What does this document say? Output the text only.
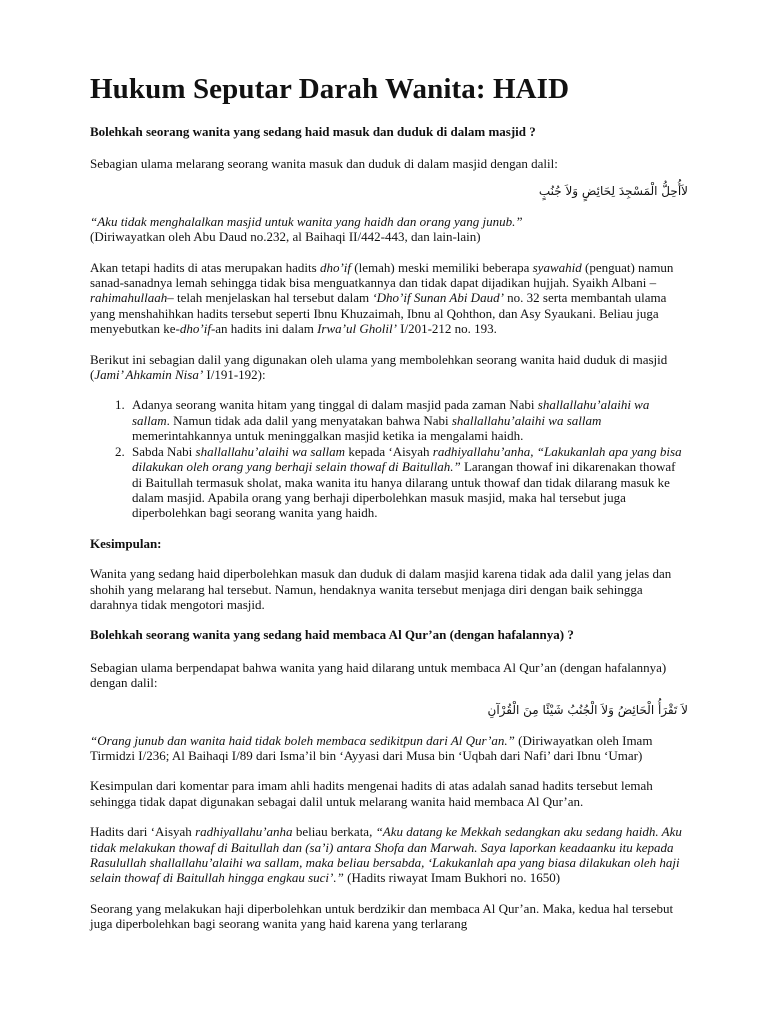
Hukum Seputar Darah Wanita: HAID

Bolehkah seorang wanita yang sedang haid masuk dan duduk di dalam masjid ?

Sebagian ulama melarang seorang wanita masuk dan duduk di dalam masjid dengan dalil:

لاَأُحِلُّ الْمَسْجِدَ لِحَائِضٍ وَلاَ جُنُبٍ

“Aku tidak menghalalkan masjid untuk wanita yang haidh dan orang yang junub.”
(Diriwayatkan oleh Abu Daud no.232, al Baihaqi II/442-443, dan lain-lain)

Akan tetapi hadits di atas merupakan hadits dho’if (lemah) meski memiliki beberapa syawahid (penguat) namun sanad-sanadnya lemah sehingga tidak bisa menguatkannya dan tidak dapat dijadikan hujjah. Syaikh Albani –rahimahullaah– telah menjelaskan hal tersebut dalam ‘Dho’if Sunan Abi Daud’ no. 32 serta membantah ulama yang menshahihkan hadits tersebut seperti Ibnu Khuzaimah, Ibnu al Qohthon, dan Asy Syaukani. Beliau juga menyebutkan ke-dho’if-an hadits ini dalam Irwa’ul Gholil’ I/201-212 no. 193.

Berikut ini sebagian dalil yang digunakan oleh ulama yang membolehkan seorang wanita haid duduk di masjid (Jami’ Ahkamin Nisa’ I/191-192):

1. Adanya seorang wanita hitam yang tinggal di dalam masjid pada zaman Nabi shallallahu’alaihi wa sallam. Namun tidak ada dalil yang menyatakan bahwa Nabi shallallahu’alaihi wa sallam memerintahkannya untuk meninggalkan masjid ketika ia mengalami haidh.
2. Sabda Nabi shallallahu’alaihi wa sallam kepada ‘Aisyah radhiyallahu’anha, “Lakukanlah apa yang bisa dilakukan oleh orang yang berhaji selain thowaf di Baitullah.” Larangan thowaf ini dikarenakan thowaf di Baitullah termasuk sholat, maka wanita itu hanya dilarang untuk thowaf dan tidak dilarang masuk ke dalam masjid. Apabila orang yang berhaji diperbolehkan masuk masjid, maka hal tersebut juga diperbolehkan bagi seorang wanita yang haidh.

Kesimpulan:

Wanita yang sedang haid diperbolehkan masuk dan duduk di dalam masjid karena tidak ada dalil yang jelas dan shohih yang melarang hal tersebut. Namun, hendaknya wanita tersebut menjaga diri dengan baik sehingga darahnya tidak mengotori masjid.

Bolehkah seorang wanita yang sedang haid membaca Al Qur’an (dengan hafalannya) ?

Sebagian ulama berpendapat bahwa wanita yang haid dilarang untuk membaca Al Qur’an (dengan hafalannya) dengan dalil:

لاَ تَقْرَأُ الْحَائِضُ وَلاَ الْجُنُبُ شَيْئًا مِنَ الْقُرْآنِ

“Orang junub dan wanita haid tidak boleh membaca sedikitpun dari Al Qur’an.” (Diriwayatkan oleh Imam Tirmidzi I/236; Al Baihaqi I/89 dari Isma’il bin ‘Ayyasi dari Musa bin ‘Uqbah dari Nafi’ dari Ibnu ‘Umar)

Kesimpulan dari komentar para imam ahli hadits mengenai hadits di atas adalah sanad hadits tersebut lemah sehingga tidak dapat digunakan sebagai dalil untuk melarang wanita haid membaca Al Qur’an.

Hadits dari ‘Aisyah radhiyallahu’anha beliau berkata, “Aku datang ke Mekkah sedangkan aku sedang haidh. Aku tidak melakukan thowaf di Baitullah dan (sa’i) antara Shofa dan Marwah. Saya laporkan keadaanku itu kepada Rasulullah shallallahu’alaihi wa sallam, maka beliau bersabda, ‘Lakukanlah apa yang biasa dilakukan oleh haji selain thowaf di Baitullah hingga engkau suci’.” (Hadits riwayat Imam Bukhori no. 1650)

Seorang yang melakukan haji diperbolehkan untuk berdzikir dan membaca Al Qur’an. Maka, kedua hal tersebut juga diperbolehkan bagi seorang wanita yang haid karena yang terlarang
